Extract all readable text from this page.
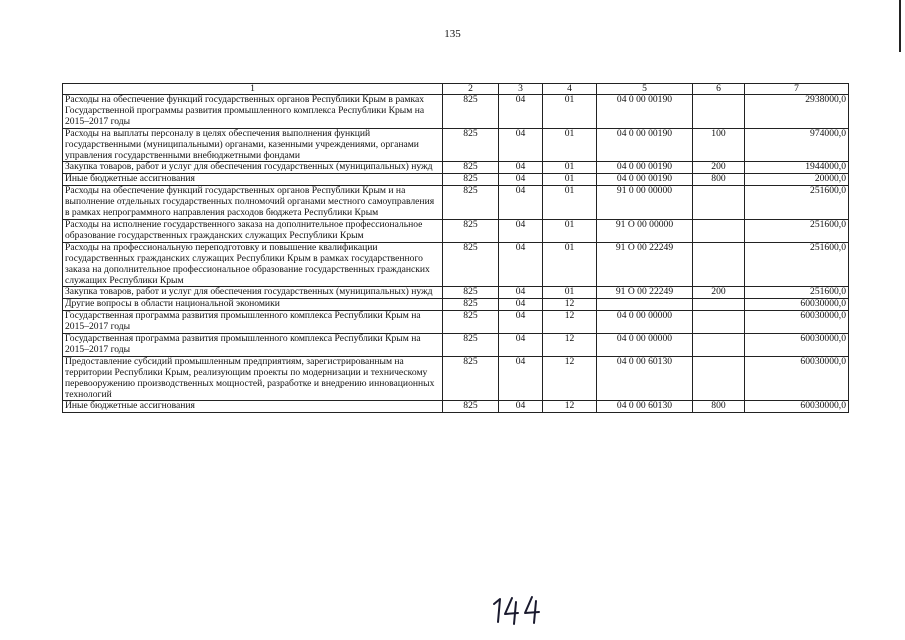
135
1	2	3	4	5	6	7
Расходы на обеспечение функций государственных органов Республики Крым в рамках Государственной программы развития промышленного комплекса Республики Крым на 2015–2017 годы	825	04	01	04 0 00 00190		2938000,0
Расходы на выплаты персоналу в целях обеспечения выполнения функций государственными (муниципальными) органами, казенными учреждениями, органами управления государственными внебюджетными фондами	825	04	01	04 0 00 00190	100	974000,0
Закупка товаров, работ и услуг для обеспечения государственных (муниципальных) нужд	825	04	01	04 0 00 00190	200	1944000,0
Иные бюджетные ассигнования	825	04	01	04 0 00 00190	800	20000,0
Расходы на обеспечение функций государственных органов Республики Крым и на выполнение отдельных государственных полномочий органами местного самоуправления в рамках непрограммного направления расходов бюджета Республики Крым	825	04	01	91 0 00 00000		251600,0
Расходы на исполнение государственного заказа на дополнительное профессиональное образование государственных гражданских служащих Республики Крым	825	04	01	91 О 00 00000		251600,0
Расходы на профессиональную переподготовку и повышение квалификации государственных гражданских служащих Республики Крым в рамках государственного заказа на дополнительное профессиональное образование государственных гражданских служащих Республики Крым	825	04	01	91 О 00 22249		251600,0
Закупка товаров, работ и услуг для обеспечения государственных (муниципальных) нужд	825	04	01	91 О 00 22249	200	251600,0
Другие вопросы в области национальной экономики	825	04	12			60030000,0
Государственная программа развития промышленного комплекса Республики Крым на 2015–2017 годы	825	04	12	04 0 00 00000		60030000,0
Государственная программа развития промышленного комплекса Республики Крым на 2015–2017 годы	825	04	12	04 0 00 00000		60030000,0
Предоставление субсидий промышленным предприятиям, зарегистрированным на территории Республики Крым, реализующим проекты по модернизации и техническому перевооружению производственных мощностей, разработке и внедрению инновационных технологий	825	04	12	04 0 00 60130		60030000,0
Иные бюджетные ассигнования	825	04	12	04 0 00 60130	800	60030000,0
